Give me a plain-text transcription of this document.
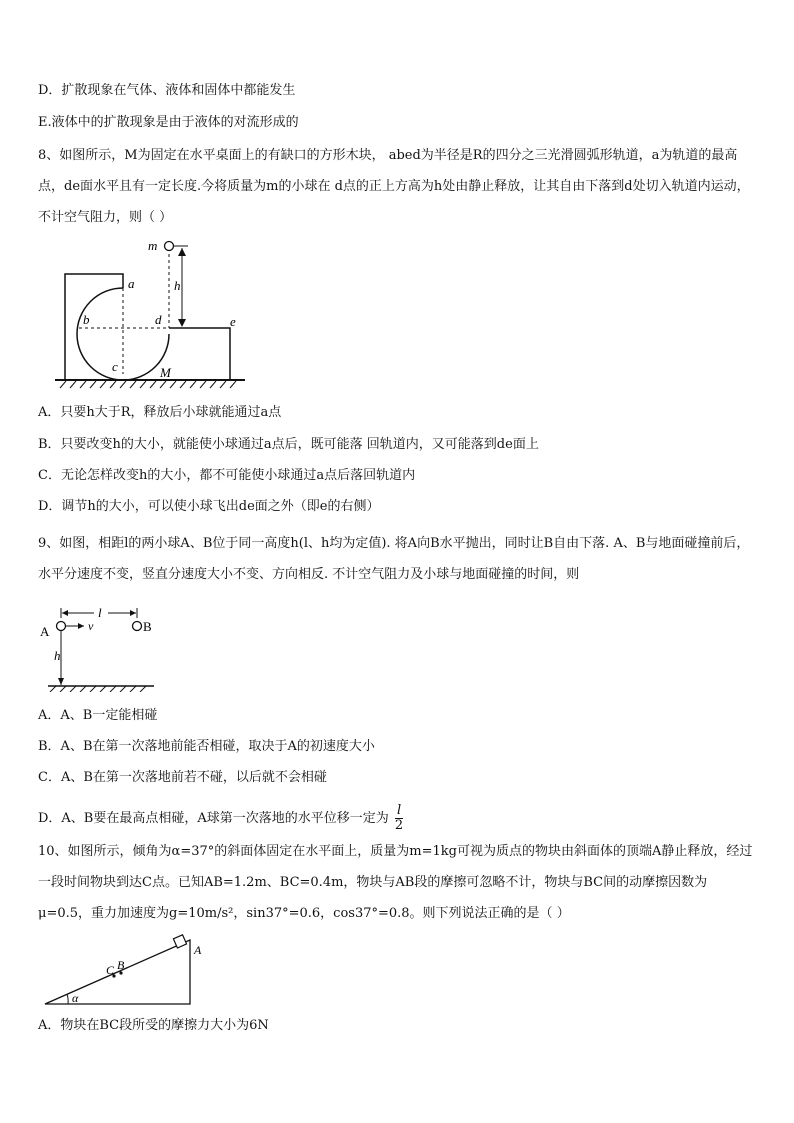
D．扩散现象在气体、液体和固体中都能发生
E.液体中的扩散现象是由于液体的对流形成的
8、如图所示，M为固定在水平桌面上的有缺口的方形木块， abed为半径是R的四分之三光滑圆弧形轨道，a为轨道的最高点，de面水平且有一定长度.今将质量为m的小球在 d点的正上方高为h处由静止释放，让其自由下落到d处切入轨道内运动，不计空气阻力，则（ ）
m
h
a
b	d	e
c	M
A．只要h大于R，释放后小球就能通过a点
B．只要改变h的大小，就能使小球通过a点后，既可能落 回轨道内，又可能落到de面上
C．无论怎样改变h的大小，都不可能使小球通过a点后落回轨道内
D．调节h的大小，可以使小球飞出de面之外（即e的右侧）
9、如图，相距l的两小球A、B位于同一高度h(l、h均为定值). 将A向B水平抛出，同时让B自由下落. A、B与地面碰撞前后，水平分速度不变，竖直分速度大小不变、方向相反. 不计空气阻力及小球与地面碰撞的时间，则
l
A	v	B
h
A．A、B一定能相碰
B．A、B在第一次落地前能否相碰，取决于A的初速度大小
C．A、B在第一次落地前若不碰，以后就不会相碰
D．A、B要在最高点相碰，A球第一次落地的水平位移一定为 $\frac{l}{2}$
10、如图所示，倾角为α=37°的斜面体固定在水平面上，质量为m=1kg可视为质点的物块由斜面体的顶端A静止释放，经过一段时间物块到达C点。已知AB=1.2m、BC=0.4m，物块与AB段的摩擦可忽略不计，物块与BC间的动摩擦因数为μ=0.5，重力加速度为g=10m/s²，sin37°=0.6，cos37°=0.8。则下列说法正确的是（ ）
A
B
C
α
A．物块在BC段所受的摩擦力大小为6N
